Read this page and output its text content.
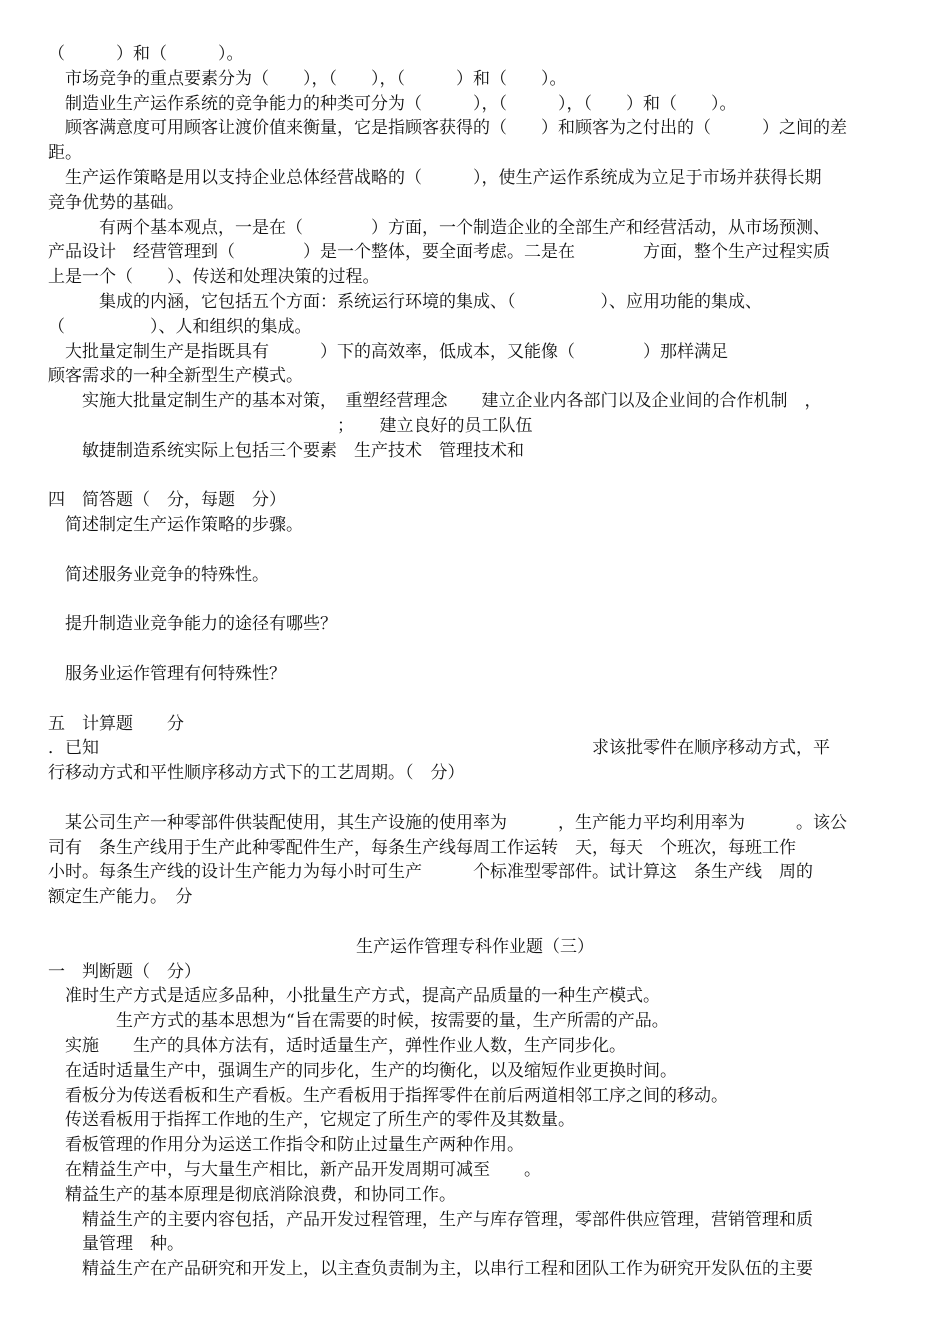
（　　　）和（　　　）。
　市场竞争的重点要素分为（　　），（　　），（　　　）和（　　）。
　制造业生产运作系统的竞争能力的种类可分为（　　　），（　　　），（　　）和（　　）。
　顾客满意度可用顾客让渡价值来衡量，它是指顾客获得的（　　）和顾客为之付出的（　　　）之间的差
距。
　生产运作策略是用以支持企业总体经营战略的（　　　），使生产运作系统成为立足于市场并获得长期
竞争优势的基础。
　　　有两个基本观点，一是在（　　　　）方面，一个制造企业的全部生产和经营活动，从市场预测、
产品设计　经营管理到（　　　　）是一个整体，要全面考虑。二是在　　　　方面，整个生产过程实质
上是一个（　　）、传送和处理决策的过程。
　　　集成的内涵，它包括五个方面：系统运行环境的集成、（　　　　　）、应用功能的集成、
（　　　　　）、人和组织的集成。
　大批量定制生产是指既具有　　　）下的高效率，低成本，又能像（　　　　）那样满足
顾客需求的一种全新型生产模式。
　　实施大批量定制生产的基本对策，　重塑经营理念　　建立企业内各部门以及企业间的合作机制　，
　　　　　　　　　　　　　　　　　；　　建立良好的员工队伍
　　敏捷制造系统实际上包括三个要素　生产技术　管理技术和
四　简答题（　分，每题　分）
　简述制定生产运作策略的步骤。
　简述服务业竞争的特殊性。
　提升制造业竞争能力的途径有哪些？
　服务业运作管理有何特殊性？
五　计算题　　分
．已知　　　　　　　　　　　　　　　　　　　　　　　　　　　　　求该批零件在顺序移动方式，平
行移动方式和平性顺序移动方式下的工艺周期。（　分）
　某公司生产一种零部件供装配使用，其生产设施的使用率为　　　，生产能力平均利用率为　　　。该公
司有　条生产线用于生产此种零配件生产，每条生产线每周工作运转　天，每天　个班次，每班工作
小时。每条生产线的设计生产能力为每小时可生产　　　个标准型零部件。试计算这　条生产线　周的
额定生产能力。　分
生产运作管理专科作业题（三）
一　判断题（　分）
　准时生产方式是适应多品种，小批量生产方式，提高产品质量的一种生产模式。
　　　　生产方式的基本思想为“旨在需要的时候，按需要的量，生产所需的产品。
　实施　　生产的具体方法有，适时适量生产，弹性作业人数，生产同步化。
　在适时适量生产中，强调生产的同步化，生产的均衡化，以及缩短作业更换时间。
　看板分为传送看板和生产看板。生产看板用于指挥零件在前后两道相邻工序之间的移动。
　传送看板用于指挥工作地的生产，它规定了所生产的零件及其数量。
　看板管理的作用分为运送工作指令和防止过量生产两种作用。
　在精益生产中，与大量生产相比，新产品开发周期可减至　　。
　精益生产的基本原理是彻底消除浪费，和协同工作。
　　精益生产的主要内容包括，产品开发过程管理，生产与库存管理，零部件供应管理，营销管理和质
　　量管理　种。
　　精益生产在产品研究和开发上，以主查负责制为主，以串行工程和团队工作为研究开发队伍的主要
